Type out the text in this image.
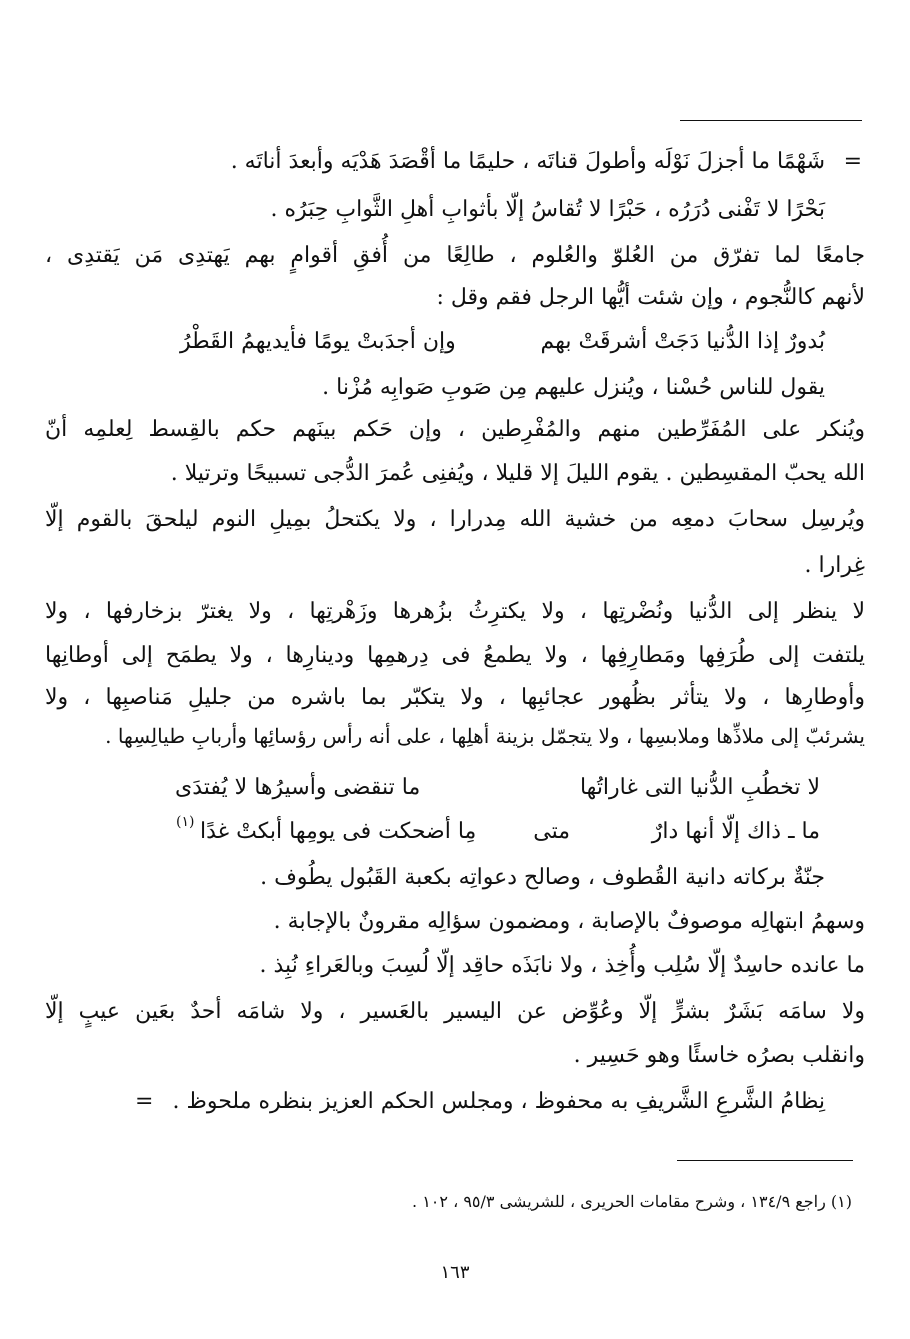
=
شَهْمًا ما أجزلَ نَوْلَه وأطولَ قناتَه ، حليمًا ما أقْصَدَ هَدْيَه وأبعدَ أناتَه .
بَحْرًا لا تَفْنى دُرَرُه ، حَبْرًا لا تُقاسُ إلّا بأثوابِ أهلِ الثَّوابِ حِبَرُه .
جامعًا لما تفرّق من العُلوّ والعُلوم ، طالِعًا من أُفقِ أقوامٍ بهم يَهتدِى مَن يَقتدِى ،
لأنهم كالنُّجوم ، وإن شئت أيُّها الرجل فقم وقل :
بُدورٌ إذا الدُّنيا دَجَتْ أشرقَتْ بهم
وإن أجدَبتْ يومًا فأيديهمُ القَطْرُ
يقول للناس حُسْنا ، ويُنزل عليهم مِن صَوبِ صَوابِه مُزْنا .
ويُنكر على المُفَرِّطين منهم والمُفْرِطين ، وإن حَكم بينَهم حكم بالقِسط لِعلمِه أنّ
الله يحبّ المقسِطين . يقوم الليلَ إلا قليلا ، ويُفنِى عُمرَ الدُّجى تسبيحًا وترتيلا .
ويُرسِل سحابَ دمعِه من خشية الله مِدرارا ، ولا يكتحلُ بمِيلِ النوم ليلحقَ بالقوم إلّا
غِرارا .
لا ينظر إلى الدُّنيا ونُضْرتِها ، ولا يكترِثُ بزُهرها وزَهْرتِها ، ولا يغترّ بزخارفها ، ولا
يلتفت إلى طُرَفِها ومَطارِفِها ، ولا يطمعُ فى دِرهمِها ودينارِها ، ولا يطمَح إلى أوطانِها
وأوطارِها ، ولا يتأثر بظُهور عجائبِها ، ولا يتكبّر بما باشره من جليلِ مَناصبِها ، ولا
يشرئبّ إلى ملاذِّها وملابسِها ، ولا يتجمّل بزينة أهلِها ، على أنه رأس رؤسائِها وأربابِ طيالِسِها .
لا تخطُبِ الدُّنيا التى غاراتُها
ما تنقضى وأسيرُها لا يُفتدَى
ما ـ ذاك إلّا أنها دارٌ
متى
مِا أضحكت فى يومِها أبكتْ غدًا
(١)
جنّةٌ بركاته دانية القُطوف ، وصالح دعواتِه بكعبة القَبُول يطُوف .
وسهمُ ابتهالِه موصوفٌ بالإصابة ، ومضمون سؤالِه مقرونٌ بالإجابة .
ما عانده حاسِدٌ إلّا سُلِب وأُخِذ ، ولا نابَذَه حاقِد إلّا لُسِبَ وبالعَراءِ نُبِذ .
ولا سامَه بَشَرٌ بشرٍّ إلّا وعُوِّض عن اليسير بالعَسير ، ولا شامَه أحدٌ بعَين عيبٍ إلّا
وانقلب بصرُه خاسئًا وهو حَسِير .
= نِظامُ الشَّرعِ الشَّريفِ به محفوظ ، ومجلس الحكم العزيز بنظره ملحوظ .
(١) راجع ١٣٤/٩ ، وشرح مقامات الحريرى ، للشريشى ٩٥/٣ ، ١٠٢ .
١٦٣
